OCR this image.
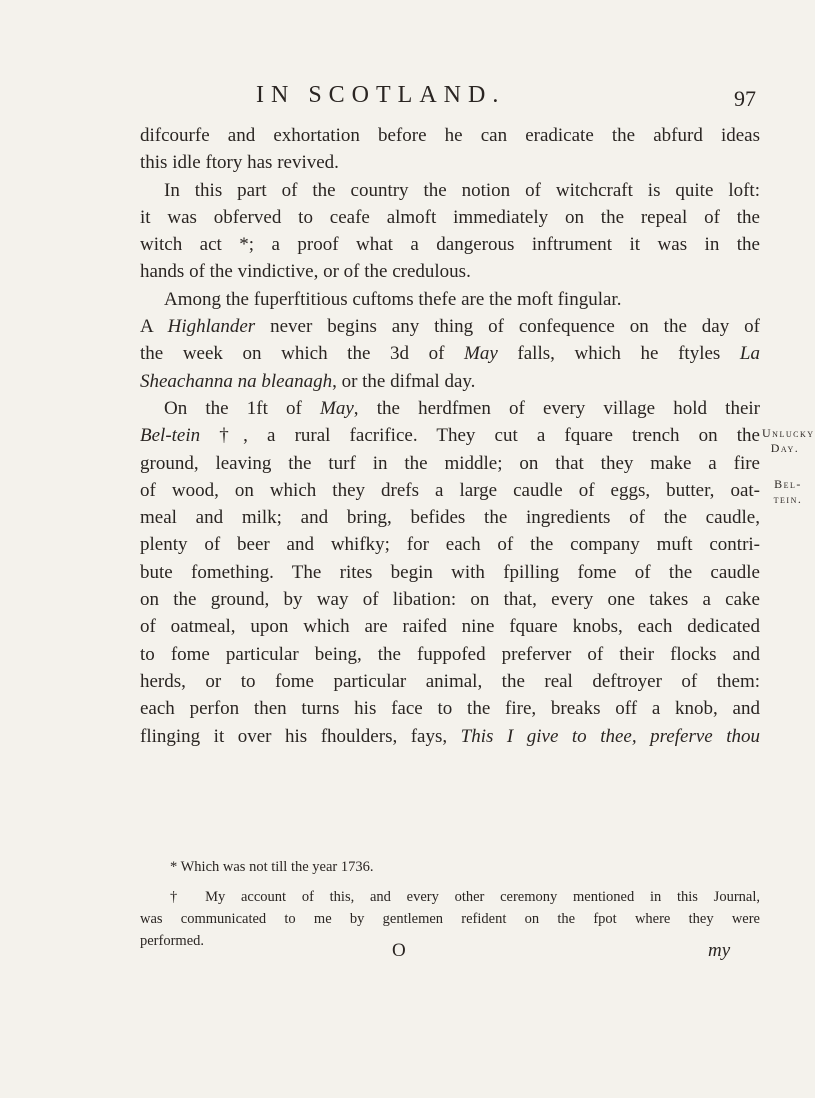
IN SCOTLAND.	97
difcourfe and exhortation before he can eradicate the abfurd ideas
this idle ftory has revived.
In this part of the country the notion of witchcraft is quite loft:
it was obferved to ceafe almoft immediately on the repeal of the
witch act *; a proof what a dangerous inftrument it was in the
hands of the vindictive, or of the credulous.
Among the fuperftitious cuftoms thefe are the moft fingular.
A Highlander never begins any thing of confequence on the day of
the week on which the 3d of May falls, which he ftyles La
Sheachanna na bleanagh, or the difmal day.
On the 1ft of May, the herdfmen of every village hold their
Bel-tein †, a rural facrifice. They cut a fquare trench on the
ground, leaving the turf in the middle; on that they make a fire
of wood, on which they drefs a large caudle of eggs, butter, oat-
meal and milk; and bring, befides the ingredients of the caudle,
plenty of beer and whifky; for each of the company muft contri-
bute fomething. The rites begin with fpilling fome of the caudle
on the ground, by way of libation: on that, every one takes a cake
of oatmeal, upon which are raifed nine fquare knobs, each dedicated
to fome particular being, the fuppofed preferver of their flocks and
herds, or to fome particular animal, the real deftroyer of them:
each perfon then turns his face to the fire, breaks off a knob, and
flinging it over his fhoulders, fays, This I give to thee, preferve thou
Unlucky Day.
Bel-tein.
* Which was not till the year 1736.
† My account of this, and every other ceremony mentioned in this Journal,
was communicated to me by gentlemen refident on the fpot where they were
performed.	O	my
